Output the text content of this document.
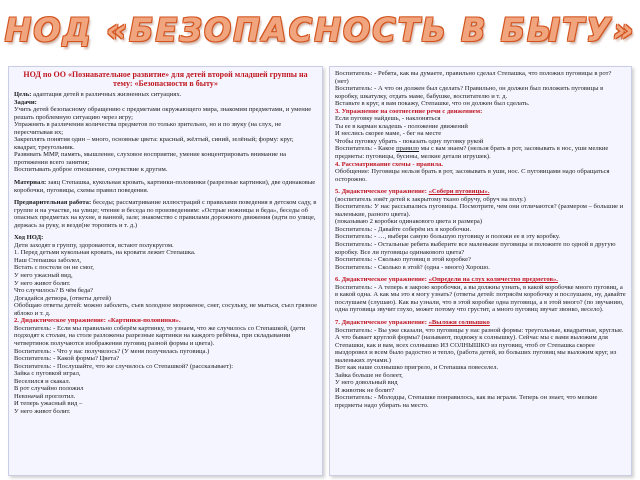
НОД «БЕЗОПАСНОСТЬ В БЫТУ»

НОД по ОО «Познавательное развитие» для детей второй младшей группы на тему: «Безопасности в быту»

Цель: адаптация детей в различных жизненных ситуациях.

Задачи:

Учить детей безопасному обращению с предметами окружающего мира, знакомим предметами, и умение решать проблемную ситуацию через игру;

Упражнять в различении количества предметов по только зрительно, но и по звуку (на слух, не пересчитывая их;

Закреплять понятия один – много, основные цвета: красный, жёлтый, синий, зелёный; форму: круг, квадрат, треугольник.

Развивать ММР, память, мышление, слуховое восприятие, умение концентрировать внимание на протяжении всего занятия;

Воспитывать доброе отношение, сочувствие к другим.

Материал: заяц Степашка, кукольная кровать, картинки-половинки (разрезные картинки), две одинаковые коробочки, пуговицы, схемы правил поведения.

Предварительная работа: беседы; рассматривание иллюстраций с правилами поведения в детском саду, в группе и на участке, на улице; чтение и беседа по произведениям: «Острые ножницы и беда», беседы об опасных предметах на кухне, в ванной, зале; знакомство с правилами дорожного движения (идти по улице, держась за руку, и везде(не торопить и т. д.)

Ход НОД:

Дети заходят в группу, здороваются, встают полукругом.

1. Перед детьми кукольная кровать, на кровати лежит Степашка.

Наш Степашка заболел,

Встать с постели он не смог,

У него ужасный вид,

У него живот болит.

Что случилось? В чём беда?

Догадайся детвора, (ответы детей)

Обобщаю ответы детей: можно заболеть, съев холодное мороженое, снег, сосульку, не мыться, съел грязное яблоко и т. д.

2. Дидактическое упражнение: «Картинки-половинки».

Воспитатель: - Если мы правильно соберём картинку, то узнаем, что же случилось со Степашкой, (дети подходят к столам, на столе разложены разрезные картинки на каждого ребёнка, при складывании четвертинок получаются изображения пуговиц разной формы и цвета).

Воспитатель: - Что у вас получилось? (У меня получилась пуговица.)

Воспитатель: - Какой формы? Цвета?

Воспитатель: - Послушайте, что же случилось со Степашкой? (рассказывает):

Зайка с пуговкой играл,

Веселился и скакал.

В рот случайно положил

Невзначай проглотил.

И теперь ужасный вид –

У него живот болит.

Воспитатель: - Ребята, как вы думаете, правильно сделал Степашка, что положил пуговицы в рот? (нет)

Воспитатель: - А что он должен был сделать? Правильно, он должен был положить пуговицы в коробку, шкатулку, отдать маме, бабушке, воспитателю и т. д.

Вставьте в круг, я вам покажу, Степашке, что он должен был сделать.

3. Упражнение на соотнесение речи с движением:

Если пуговку найдешь, - наклоняться

Ты ее в карман кладешь - положение движений

И неслись скорее маме, - бег на месте

Чтобы пуговку убрать - показать одну пуговку рукой

Воспитатель: - Какое правило мы с вам знаем? (нельзя брать в рот, засовывать в нос, уши мелкие предметы: пуговицы, бусины, мелкие детали игрушек).

4. Рассматривание схемы - правила.

Обобщение: Пуговицы нельзя брать в рот, засовывать в уши, нос. С пуговицами надо обращаться осторожно.

5. Дидактическое упражнение: «Собери пуговицы».

(воспитатель зовёт детей к закрытому ткано обручу, обруч на полу.)

Воспитатель: У нас рассыпались пуговицы. Посмотрите, чем они отличаются? (размером – большие и маленькие, разного цвета).

(показываю 2 коробки одинакового цвета и размера)

Воспитатель: - Давайте соберём их в коробочки.

Воспитатель: - …, выбери самую большую пуговицу и положи ее в эту коробку.

Воспитатель: - Остальные ребята выберите все маленькие пуговицы и положите по одной в другую коробку. Все ли пуговицы одинакового цвета?

Воспитатель: - Сколько пуговиц в этой коробке?

Воспитатель: - Сколько в этой? (одна - много) Хорошо.

6. Дидактическое упражнение: «Определи на слух количество предметов».

Воспитатель: - А теперь я закрою коробочки, а вы должны узнать, в какой коробочке много пуговиц, а в какой одна. А как мы это я могу узнать? (ответы детей: потрясём коробочку и послушаем, ну, давайте послушаем (слушаю). Как вы узнали, что в этой коробке одна пуговица, а в этой много? (по звучанию, одна пуговица звучит глухо, может потому что грустит, а много пуговиц звучат звонко, весело).

7. Дидактическое упражнение: «Выложи солнышко

Воспитатель: - Вы уже сказали, что пуговицы у нас разной формы: треугольные, квадратные, круглые. А что бывает круглой формы? (называют, подвожу к солнышку). Сейчас мы с вами выложим для Степашки, как и вам, всех солнышко ИЗ СОЛНЫШКО из пуговиц, чтоб от Степашка скорее выздоровел и всем было радостно и тепло, (работа детей, из больших пуговиц мы выложим круг, из маленьких лучами.)

Вот как наше солнышко пригрело, и Степашка повеселел.

Зайка больше не болеет,

У него довольный вид

И животик не болит?

Воспитатель: - Молодцы, Степашке понравилось, как вы играли. Теперь он знает, что мелкие предметы надо убирать на место.
